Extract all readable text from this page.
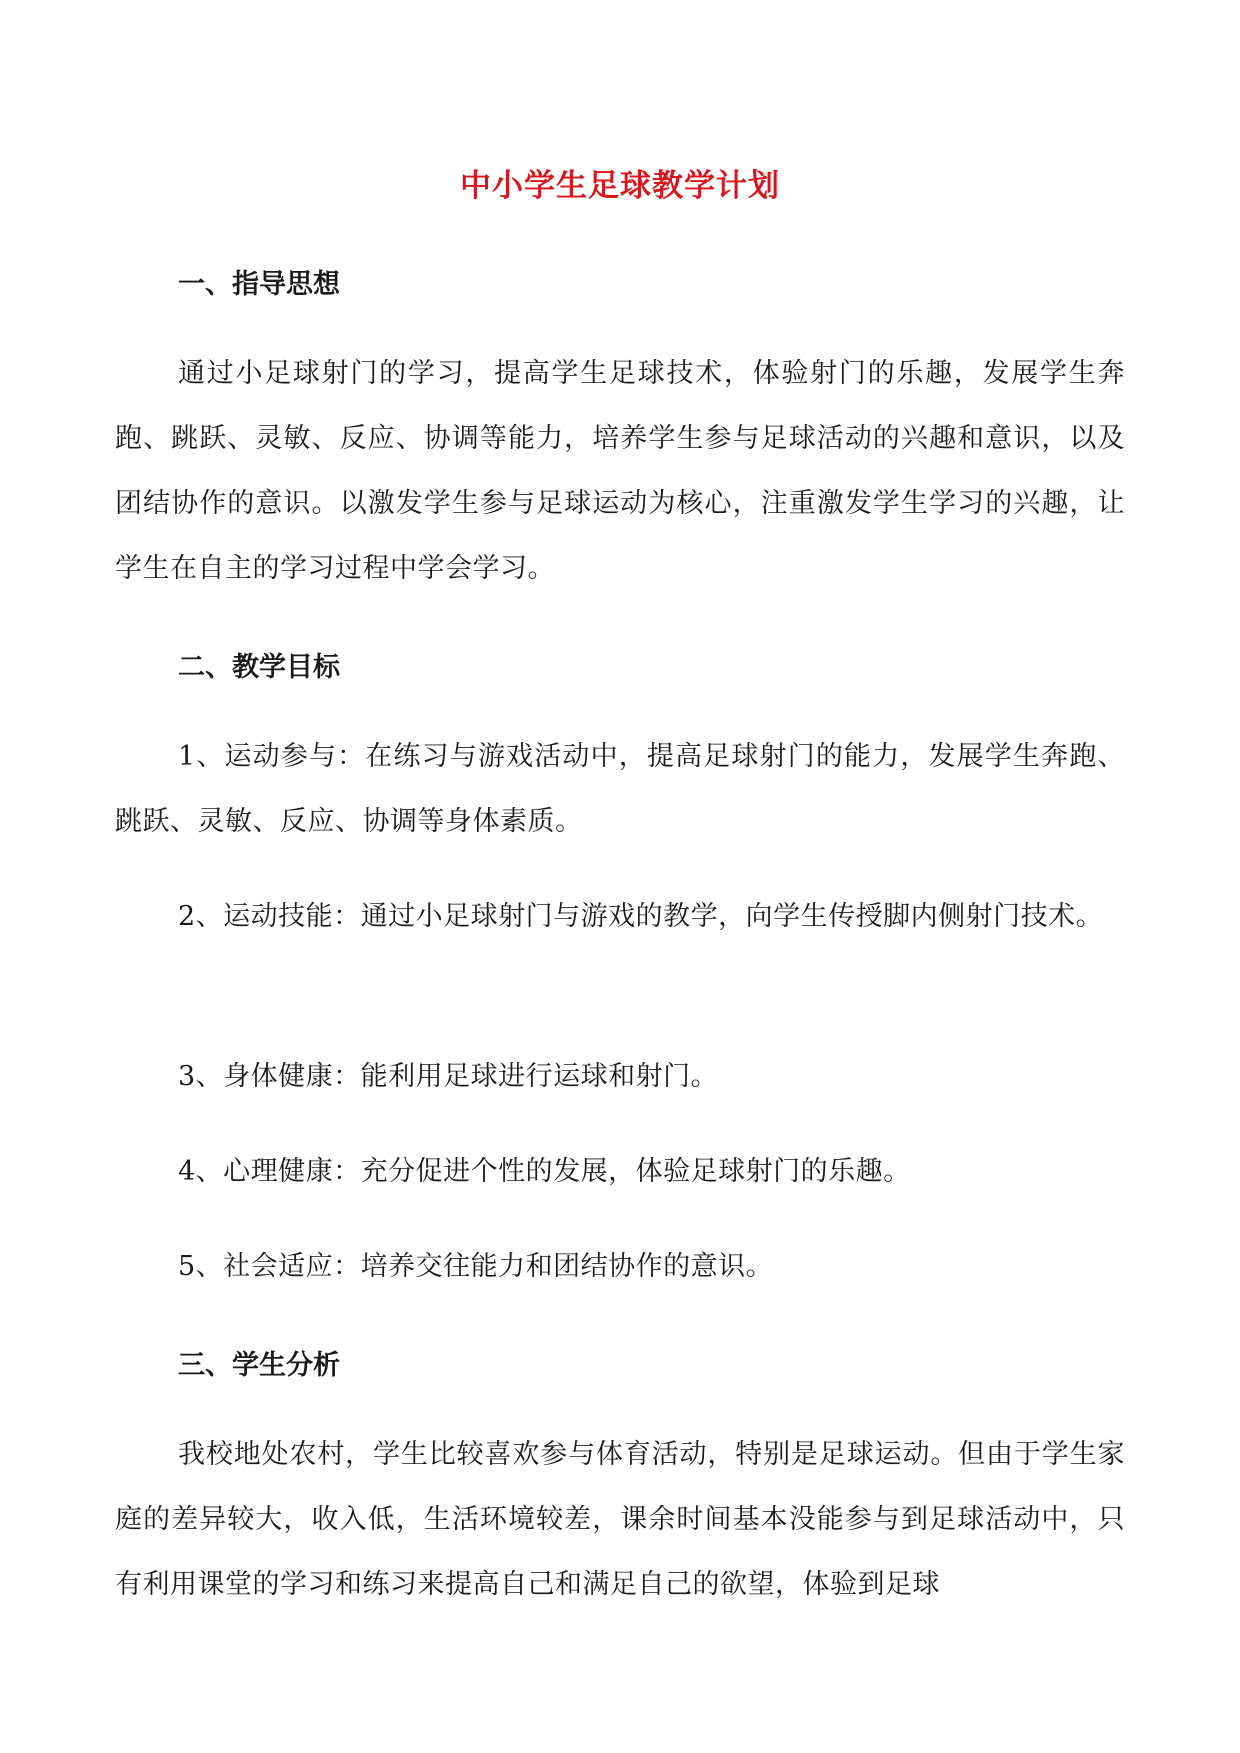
中小学生足球教学计划
一、指导思想
通过小足球射门的学习，提高学生足球技术，体验射门的乐趣，发展学生奔跑、跳跃、灵敏、反应、协调等能力，培养学生参与足球活动的兴趣和意识，以及团结协作的意识。以激发学生参与足球运动为核心，注重激发学生学习的兴趣，让学生在自主的学习过程中学会学习。
二、教学目标
1、运动参与：在练习与游戏活动中，提高足球射门的能力，发展学生奔跑、跳跃、灵敏、反应、协调等身体素质。
2、运动技能：通过小足球射门与游戏的教学，向学生传授脚内侧射门技术。
3、身体健康：能利用足球进行运球和射门。
4、心理健康：充分促进个性的发展，体验足球射门的乐趣。
5、社会适应：培养交往能力和团结协作的意识。
三、学生分析
我校地处农村，学生比较喜欢参与体育活动，特别是足球运动。但由于学生家庭的差异较大，收入低，生活环境较差，课余时间基本没能参与到足球活动中，只有利用课堂的学习和练习来提高自己和满足自己的欲望，体验到足球
